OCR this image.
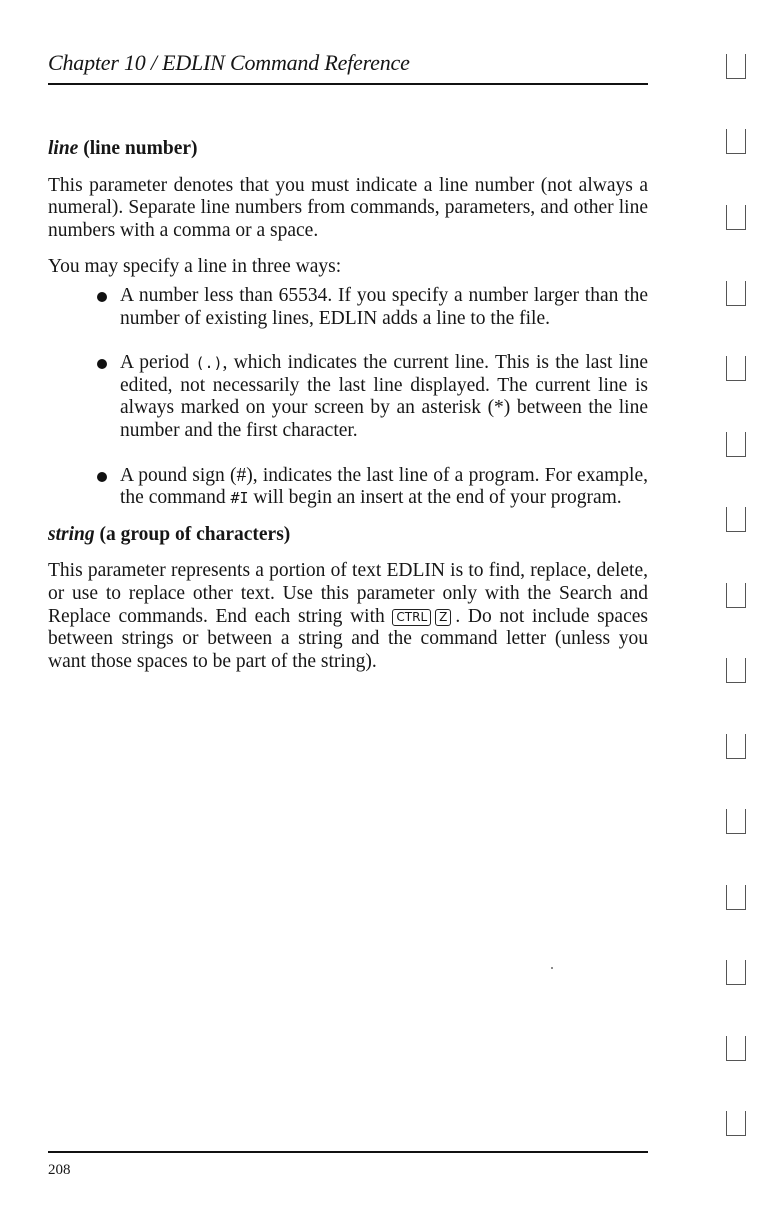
Chapter 10 / EDLIN Command Reference
line (line number)

This parameter denotes that you must indicate a line number (not always a numeral). Separate line numbers from commands, parameters, and other line numbers with a comma or a space.

You may specify a line in three ways:

A number less than 65534. If you specify a number larger than the number of existing lines, EDLIN adds a line to the file.
A period (.), which indicates the current line. This is the last line edited, not necessarily the last line displayed. The current line is always marked on your screen by an asterisk (*) between the line number and the first character.
A pound sign (#), indicates the last line of a program. For example, the command #I will begin an insert at the end of your program.
string (a group of characters)

This parameter represents a portion of text EDLIN is to find, replace, delete, or use to replace other text. Use this parameter only with the Search and Replace commands. End each string with CTRL Z . Do not include spaces between strings or between a string and the command letter (unless you want those spaces to be part of the string).

208
